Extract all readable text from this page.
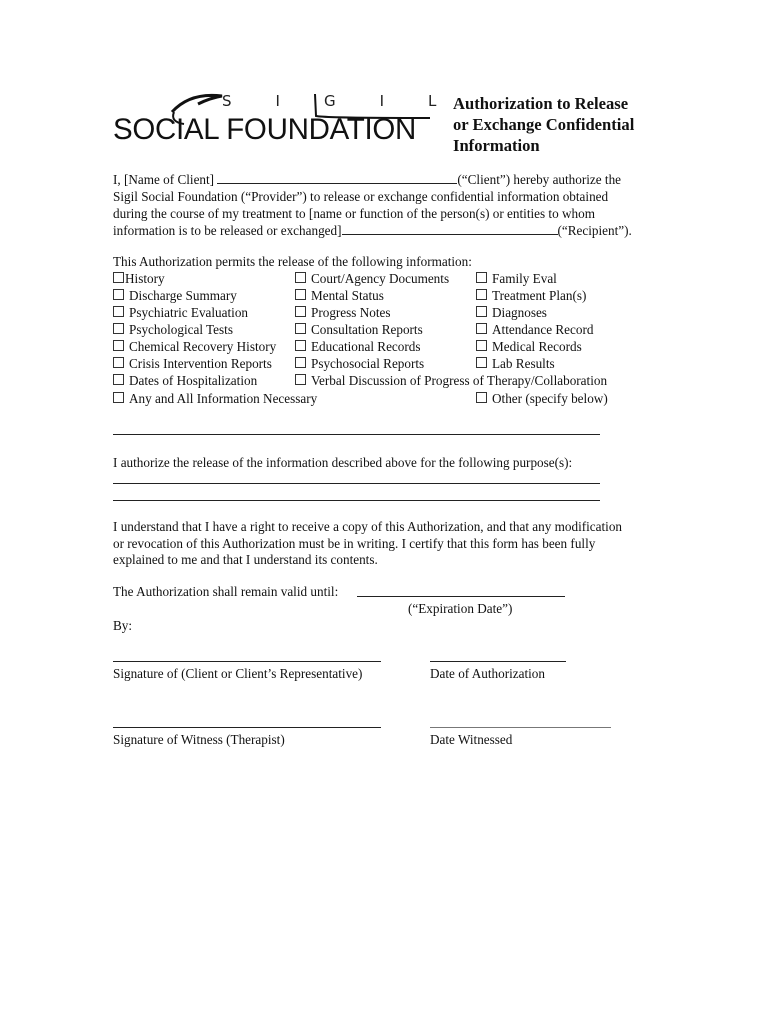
SIGIL
SOCIAL FOUNDATION
Authorization to Release
or Exchange Confidential
Information
I, [Name of Client]	(“Client”) hereby authorize the
Sigil Social Foundation (“Provider”) to release or exchange confidential information obtained
during the course of my treatment to [name or function of the person(s) or entities to whom
information is to be released or exchanged]	(“Recipient”).
This Authorization permits the release of the following information:
History	Court/Agency Documents	Family Eval
Discharge Summary	Mental Status	Treatment Plan(s)
Psychiatric Evaluation	Progress Notes	Diagnoses
Psychological Tests	Consultation Reports	Attendance Record
Chemical Recovery History	Educational Records	Medical Records
Crisis Intervention Reports	Psychosocial Reports	Lab Results
Dates of Hospitalization	Verbal Discussion of Progress of Therapy/Collaboration
Any and All Information Necessary	Other (specify below)
I authorize the release of the information described above for the following purpose(s):
I understand that I have a right to receive a copy of this Authorization, and that any modification
or revocation of this Authorization must be in writing. I certify that this form has been fully
explained to me and that I understand its contents.
The Authorization shall remain valid until:
(“Expiration Date”)
By:
Signature of (Client or Client’s Representative)	Date of Authorization
Signature of Witness (Therapist)	Date Witnessed
